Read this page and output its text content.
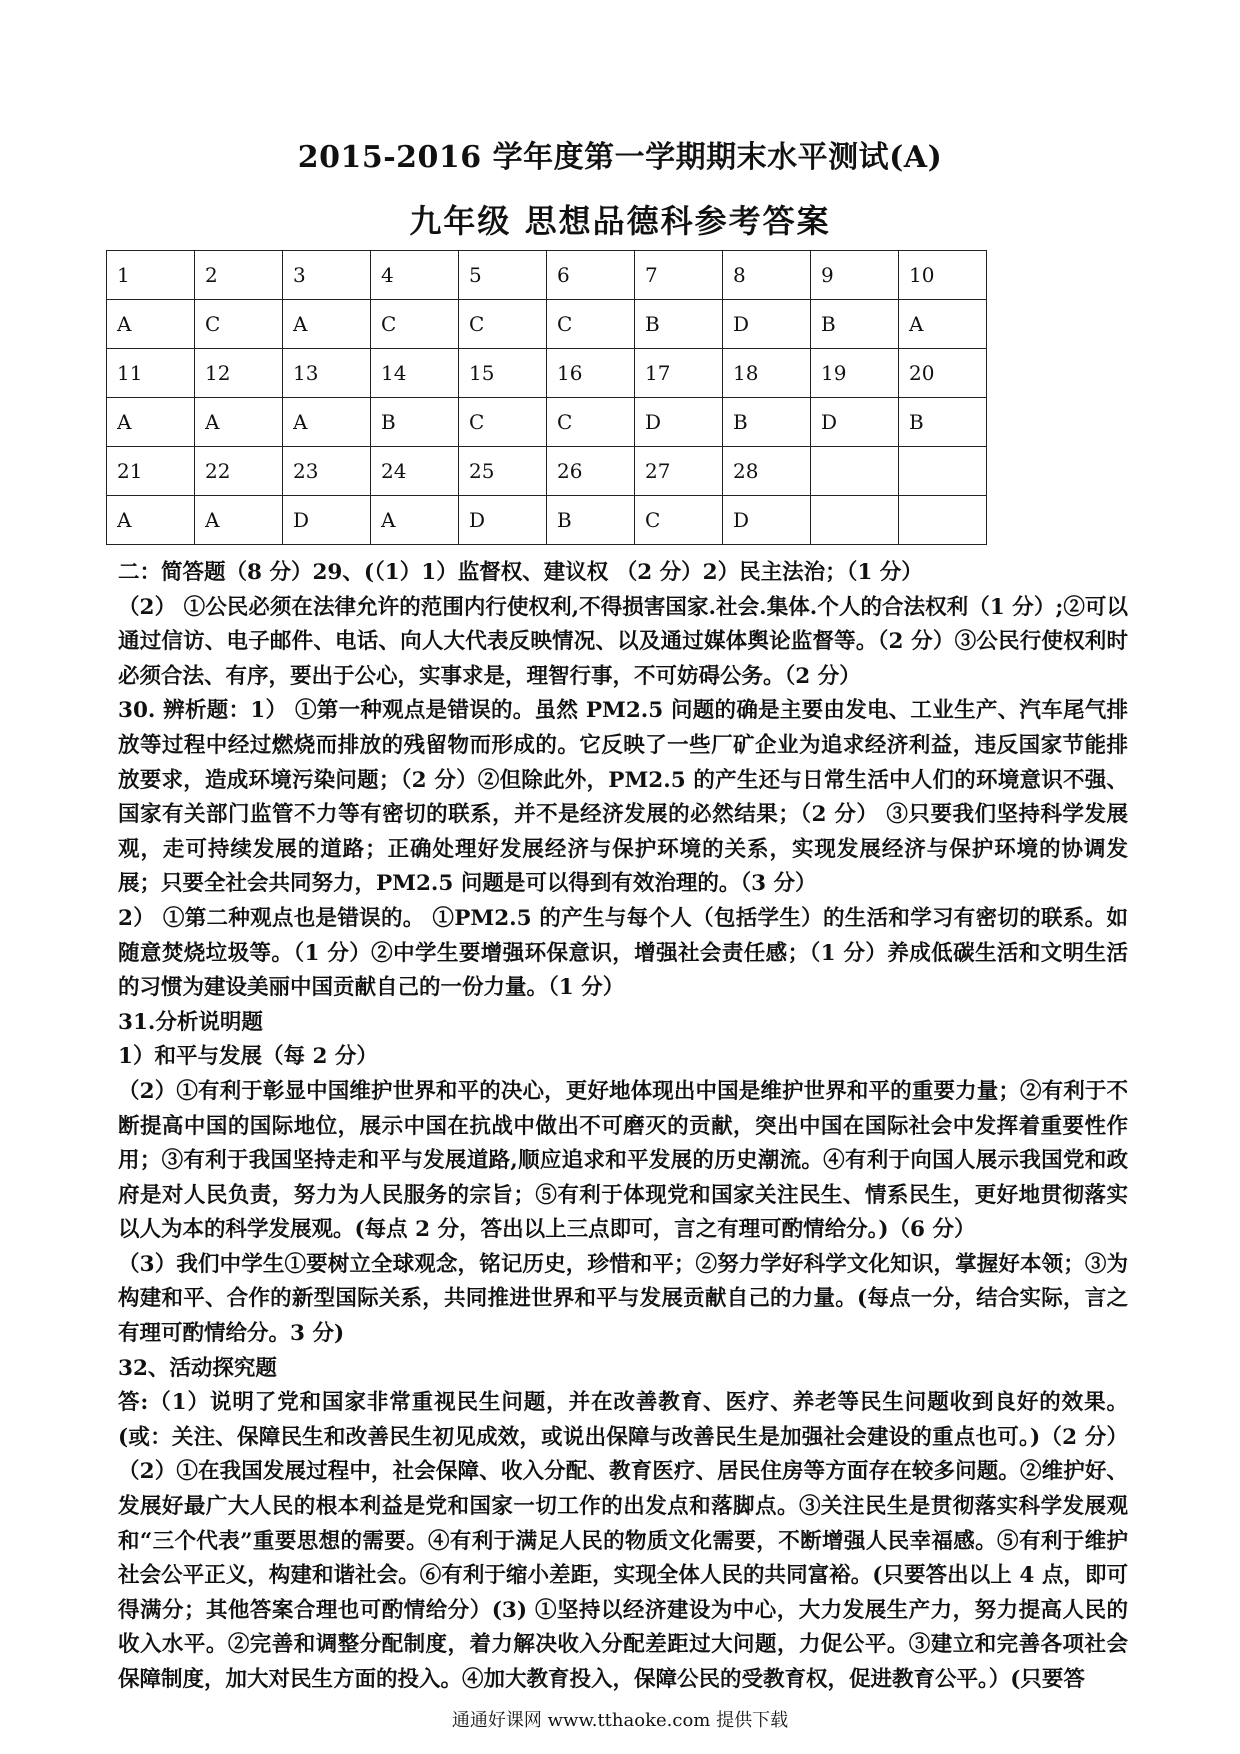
2015-2016 学年度第一学期期末水平测试(A)
九年级 思想品德科参考答案
1	2	3	4	5	6	7	8	9	10
A	C	A	C	C	C	B	D	B	A
11	12	13	14	15	16	17	18	19	20
A	A	A	B	C	C	D	B	D	B
21	22	23	24	25	26	27	28		
A	A	D	A	D	B	C	D		

二：简答题（8 分）29、(（1）1）监督权、建议权 （2 分）2）民主法治；（1 分）

（2） ①公民必须在法律允许的范围内行使权利,不得损害国家.社会.集体.个人的合法权利（1 分）;②可以通过信访、电子邮件、电话、向人大代表反映情况、以及通过媒体舆论监督等。（2 分）③公民行使权利时必须合法、有序，要出于公心，实事求是，理智行事，不可妨碍公务。（2 分）

30. 辨析题：1） ①第一种观点是错误的。虽然 PM2.5 问题的确是主要由发电、工业生产、汽车尾气排放等过程中经过燃烧而排放的残留物而形成的。它反映了一些厂矿企业为追求经济利益，违反国家节能排放要求，造成环境污染问题；（2 分）②但除此外，PM2.5 的产生还与日常生活中人们的环境意识不强、国家有关部门监管不力等有密切的联系，并不是经济发展的必然结果；（2 分） ③只要我们坚持科学发展观，走可持续发展的道路；正确处理好发展经济与保护环境的关系，实现发展经济与保护环境的协调发展；只要全社会共同努力，PM2.5 问题是可以得到有效治理的。（3 分）

2） ①第二种观点也是错误的。 ①PM2.5 的产生与每个人（包括学生）的生活和学习有密切的联系。如随意焚烧垃圾等。（1 分）②中学生要增强环保意识，增强社会责任感；（1 分）养成低碳生活和文明生活的习惯为建设美丽中国贡献自己的一份力量。（1 分）

31.分析说明题

1）和平与发展（每 2 分）

（2）①有利于彰显中国维护世界和平的决心，更好地体现出中国是维护世界和平的重要力量；②有利于不断提高中国的国际地位，展示中国在抗战中做出不可磨灭的贡献，突出中国在国际社会中发挥着重要性作用；③有利于我国坚持走和平与发展道路,顺应追求和平发展的历史潮流。④有利于向国人展示我国党和政府是对人民负责，努力为人民服务的宗旨；⑤有利于体现党和国家关注民生、情系民生，更好地贯彻落实以人为本的科学发展观。(每点 2 分，答出以上三点即可，言之有理可酌情给分。)（6 分）

（3）我们中学生①要树立全球观念，铭记历史，珍惜和平；②努力学好科学文化知识，掌握好本领；③为构建和平、合作的新型国际关系，共同推进世界和平与发展贡献自己的力量。(每点一分，结合实际，言之有理可酌情给分。3 分)

32、活动探究题

答:（1）说明了党和国家非常重视民生问题，并在改善教育、医疗、养老等民生问题收到良好的效果。(或：关注、保障民生和改善民生初见成效，或说出保障与改善民生是加强社会建设的重点也可。)（2 分）（2）①在我国发展过程中，社会保障、收入分配、教育医疗、居民住房等方面存在较多问题。②维护好、发展好最广大人民的根本利益是党和国家一切工作的出发点和落脚点。③关注民生是贯彻落实科学发展观和“三个代表”重要思想的需要。④有利于满足人民的物质文化需要，不断增强人民幸福感。⑤有利于维护社会公平正义，构建和谐社会。⑥有利于缩小差距，实现全体人民的共同富裕。(只要答出以上 4 点，即可得满分；其他答案合理也可酌情给分）(3) ①坚持以经济建设为中心，大力发展生产力，努力提高人民的收入水平。②完善和调整分配制度，着力解决收入分配差距过大问题，力促公平。③建立和完善各项社会保障制度，加大对民生方面的投入。④加大教育投入，保障公民的受教育权，促进教育公平。）(只要答

通通好课网 www.tthaoke.com 提供下载
